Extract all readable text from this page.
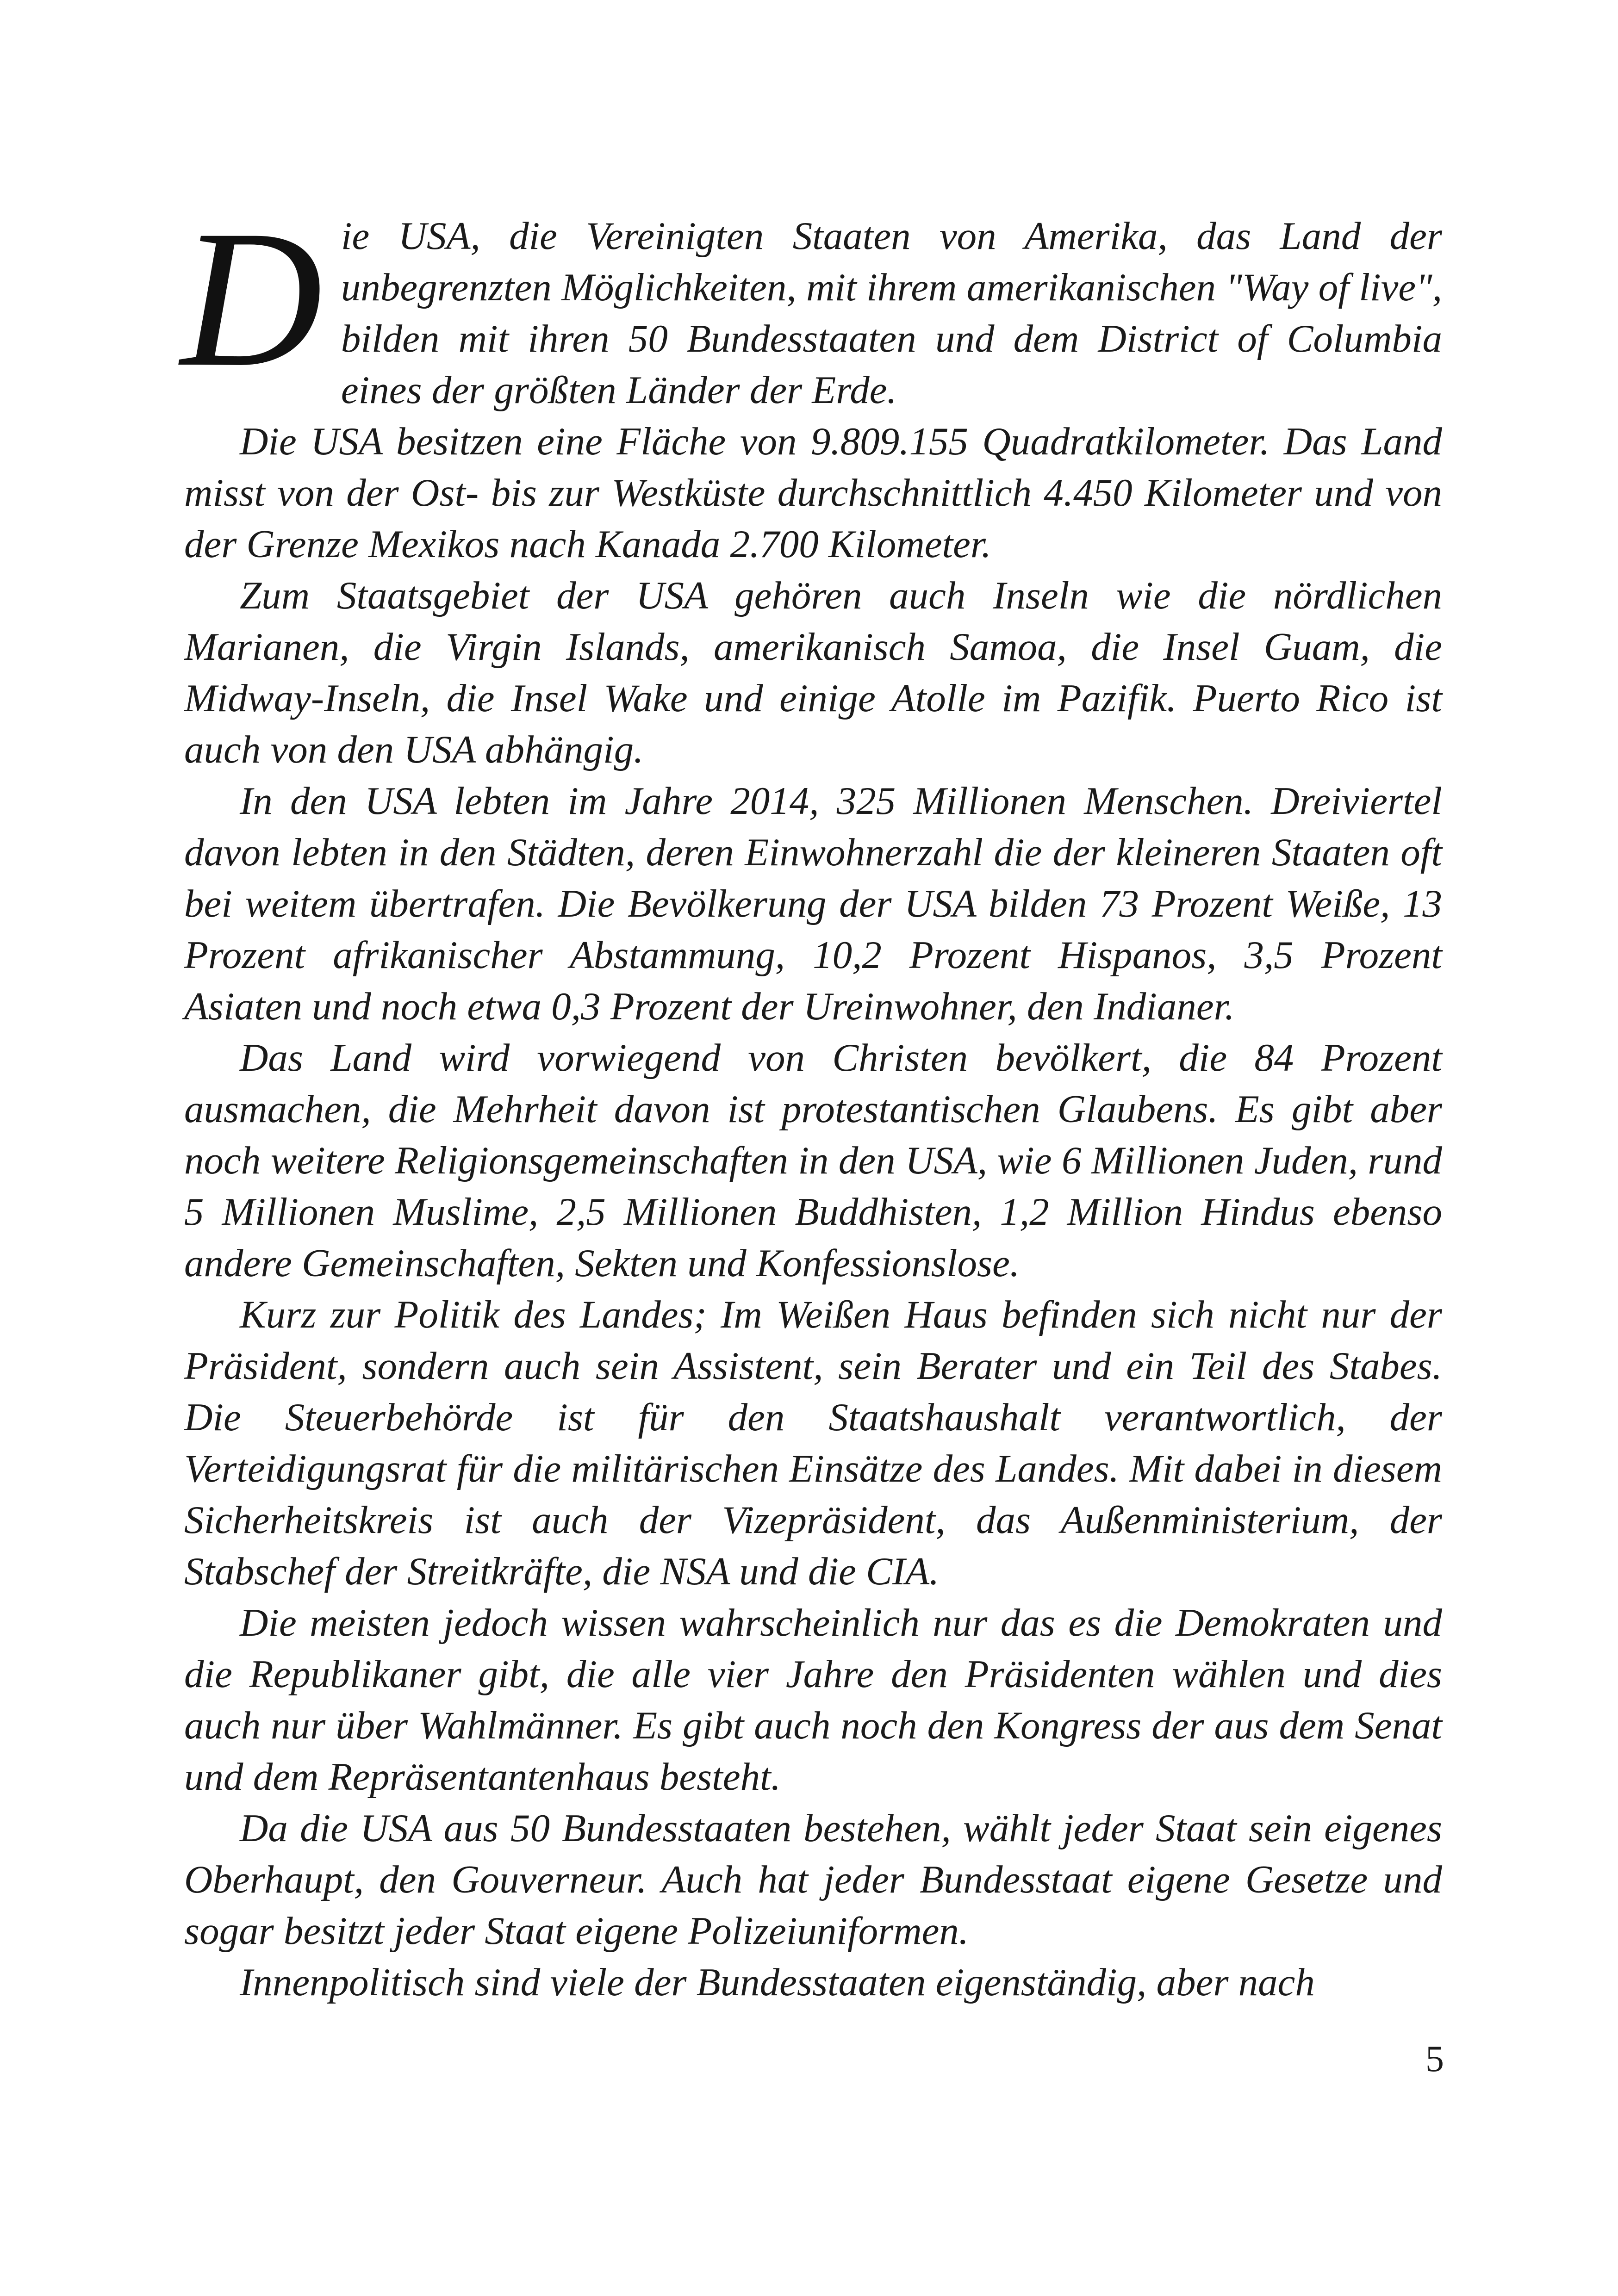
Die USA, die Vereinigten Staaten von Amerika, das Land der unbegrenzten Möglichkeiten, mit ihrem amerikanischen "Way of live", bilden mit ihren 50 Bundesstaaten und dem District of Columbia eines der größten Länder der Erde.

Die USA besitzen eine Fläche von 9.809.155 Quadratkilometer. Das Land misst von der Ost- bis zur Westküste durchschnittlich 4.450 Kilometer und von der Grenze Mexikos nach Kanada 2.700 Kilometer.

Zum Staatsgebiet der USA gehören auch Inseln wie die nördlichen Marianen, die Virgin Islands, amerikanisch Samoa, die Insel Guam, die Midway-Inseln, die Insel Wake und einige Atolle im Pazifik. Puerto Rico ist auch von den USA abhängig.

In den USA lebten im Jahre 2014, 325 Millionen Menschen. Dreiviertel davon lebten in den Städten, deren Einwohnerzahl die der kleineren Staaten oft bei weitem übertrafen. Die Bevölkerung der USA bilden 73 Prozent Weiße, 13 Prozent afrikanischer Abstammung, 10,2 Prozent Hispanos, 3,5 Prozent Asiaten und noch etwa 0,3 Prozent der Ureinwohner, den Indianer.

Das Land wird vorwiegend von Christen bevölkert, die 84 Prozent ausmachen, die Mehrheit davon ist protestantischen Glaubens. Es gibt aber noch weitere Religionsgemeinschaften in den USA, wie 6 Millionen Juden, rund 5 Millionen Muslime, 2,5 Millionen Buddhisten, 1,2 Million Hindus ebenso andere Gemeinschaften, Sekten und Konfessionslose.

Kurz zur Politik des Landes; Im Weißen Haus befinden sich nicht nur der Präsident, sondern auch sein Assistent, sein Berater und ein Teil des Stabes. Die Steuerbehörde ist für den Staatshaushalt verantwortlich, der Verteidigungsrat für die militärischen Einsätze des Landes. Mit dabei in diesem Sicherheitskreis ist auch der Vizepräsident, das Außenministerium, der Stabschef der Streitkräfte, die NSA und die CIA.

Die meisten jedoch wissen wahrscheinlich nur das es die Demokraten und die Republikaner gibt, die alle vier Jahre den Präsidenten wählen und dies auch nur über Wahlmänner. Es gibt auch noch den Kongress der aus dem Senat und dem Repräsentantenhaus besteht.

Da die USA aus 50 Bundesstaaten bestehen, wählt jeder Staat sein eigenes Oberhaupt, den Gouverneur. Auch hat jeder Bundesstaat eigene Gesetze und sogar besitzt jeder Staat eigene Polizeiuniformen.

Innenpolitisch sind viele der Bundesstaaten eigenständig, aber nach

5
